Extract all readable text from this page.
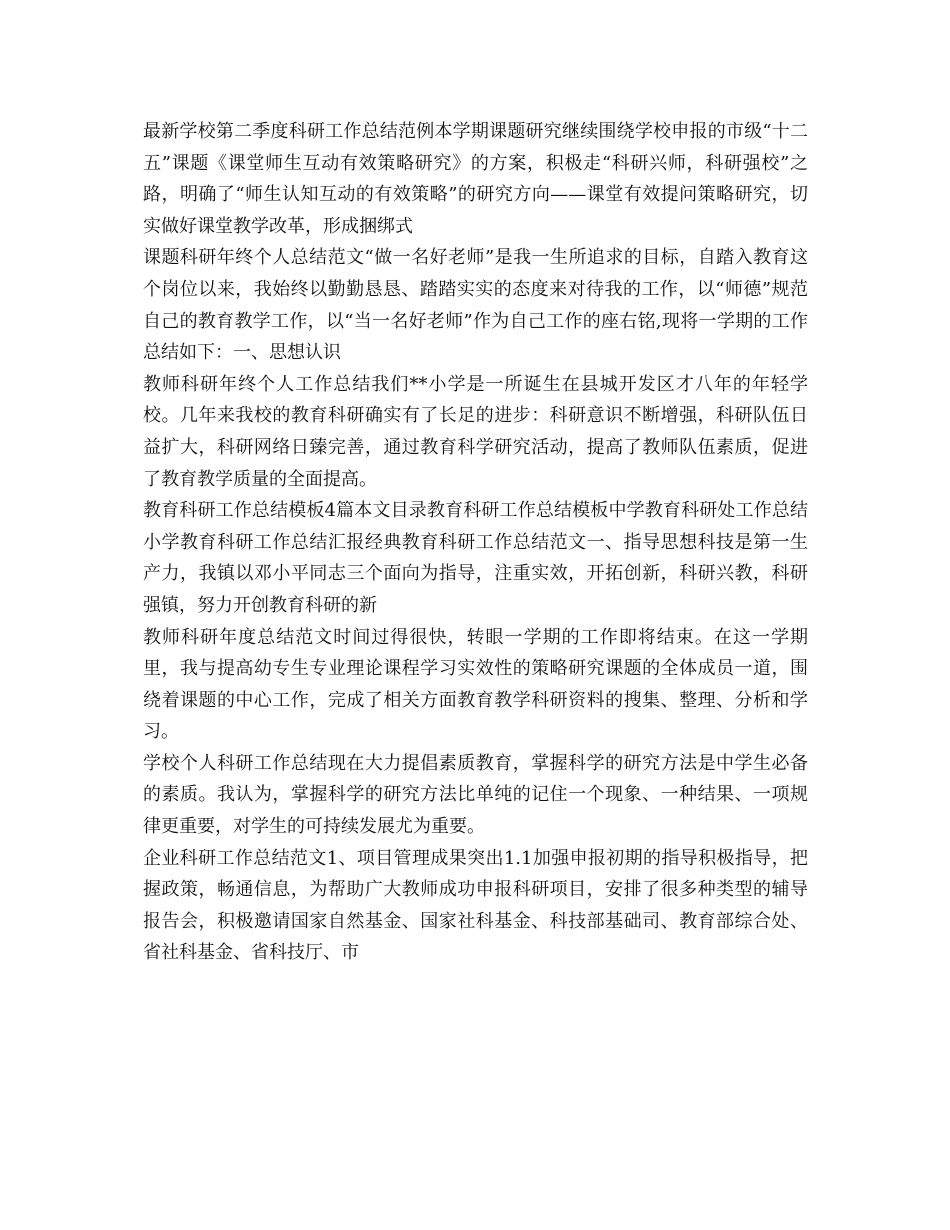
最新学校第二季度科研工作总结范例本学期课题研究继续围绕学校申报的市级“十二五”课题《课堂师生互动有效策略研究》的方案，积极走“科研兴师，科研强校”之路，明确了“师生认知互动的有效策略”的研究方向——课堂有效提问策略研究，切实做好课堂教学改革，形成捆绑式

课题科研年终个人总结范文“做一名好老师”是我一生所追求的目标，自踏入教育这个岗位以来，我始终以勤勤恳恳、踏踏实实的态度来对待我的工作，以“师德”规范自己的教育教学工作，以“当一名好老师”作为自己工作的座右铭,现将一学期的工作总结如下：一、思想认识

教师科研年终个人工作总结我们**小学是一所诞生在县城开发区才八年的年轻学校。几年来我校的教育科研确实有了长足的进步：科研意识不断增强，科研队伍日益扩大，科研网络日臻完善，通过教育科学研究活动，提高了教师队伍素质，促进了教育教学质量的全面提高。

教育科研工作总结模板4篇本文目录教育科研工作总结模板中学教育科研处工作总结小学教育科研工作总结汇报经典教育科研工作总结范文一、指导思想科技是第一生产力，我镇以邓小平同志三个面向为指导，注重实效，开拓创新，科研兴教，科研强镇，努力开创教育科研的新

教师科研年度总结范文时间过得很快，转眼一学期的工作即将结束。在这一学期里，我与提高幼专生专业理论课程学习实效性的策略研究课题的全体成员一道，围绕着课题的中心工作，完成了相关方面教育教学科研资料的搜集、整理、分析和学习。

学校个人科研工作总结现在大力提倡素质教育，掌握科学的研究方法是中学生必备的素质。我认为，掌握科学的研究方法比单纯的记住一个现象、一种结果、一项规律更重要，对学生的可持续发展尤为重要。

企业科研工作总结范文1、项目管理成果突出1.1加强申报初期的指导积极指导，把握政策，畅通信息，为帮助广大教师成功申报科研项目，安排了很多种类型的辅导报告会，积极邀请国家自然基金、国家社科基金、科技部基础司、教育部综合处、省社科基金、省科技厅、市
